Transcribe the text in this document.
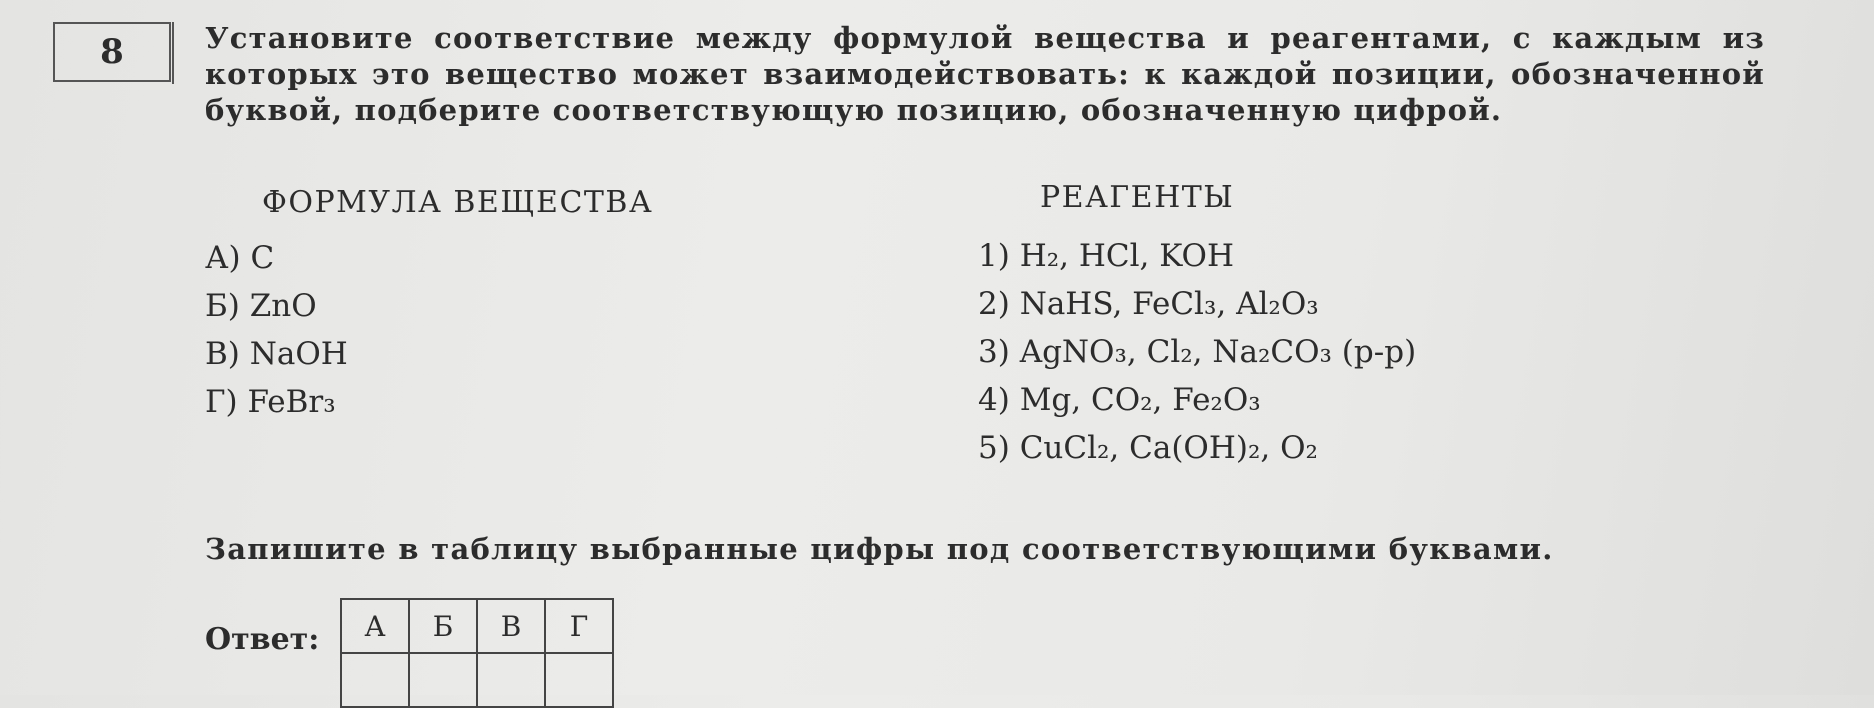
8	Установите соответствие между формулой вещества и реагентами, с каждым из которых это вещество может взаимодействовать: к каждой позиции, обозначенной буквой, подберите соответствующую позицию, обозначенную цифрой.
ФОРМУЛА ВЕЩЕСТВА	РЕАГЕНТЫ
А) C
Б) ZnO
В) NaOH
Г) FeBr₃
1) H₂, HCl, KOH
2) NaHS, FeCl₃, Al₂O₃
3) AgNO₃, Cl₂, Na₂CO₃ (р-р)
4) Mg, CO₂, Fe₂O₃
5) CuCl₂, Ca(OH)₂, O₂
Запишите в таблицу выбранные цифры под соответствующими буквами.
Ответ: А	Б	В	Г
